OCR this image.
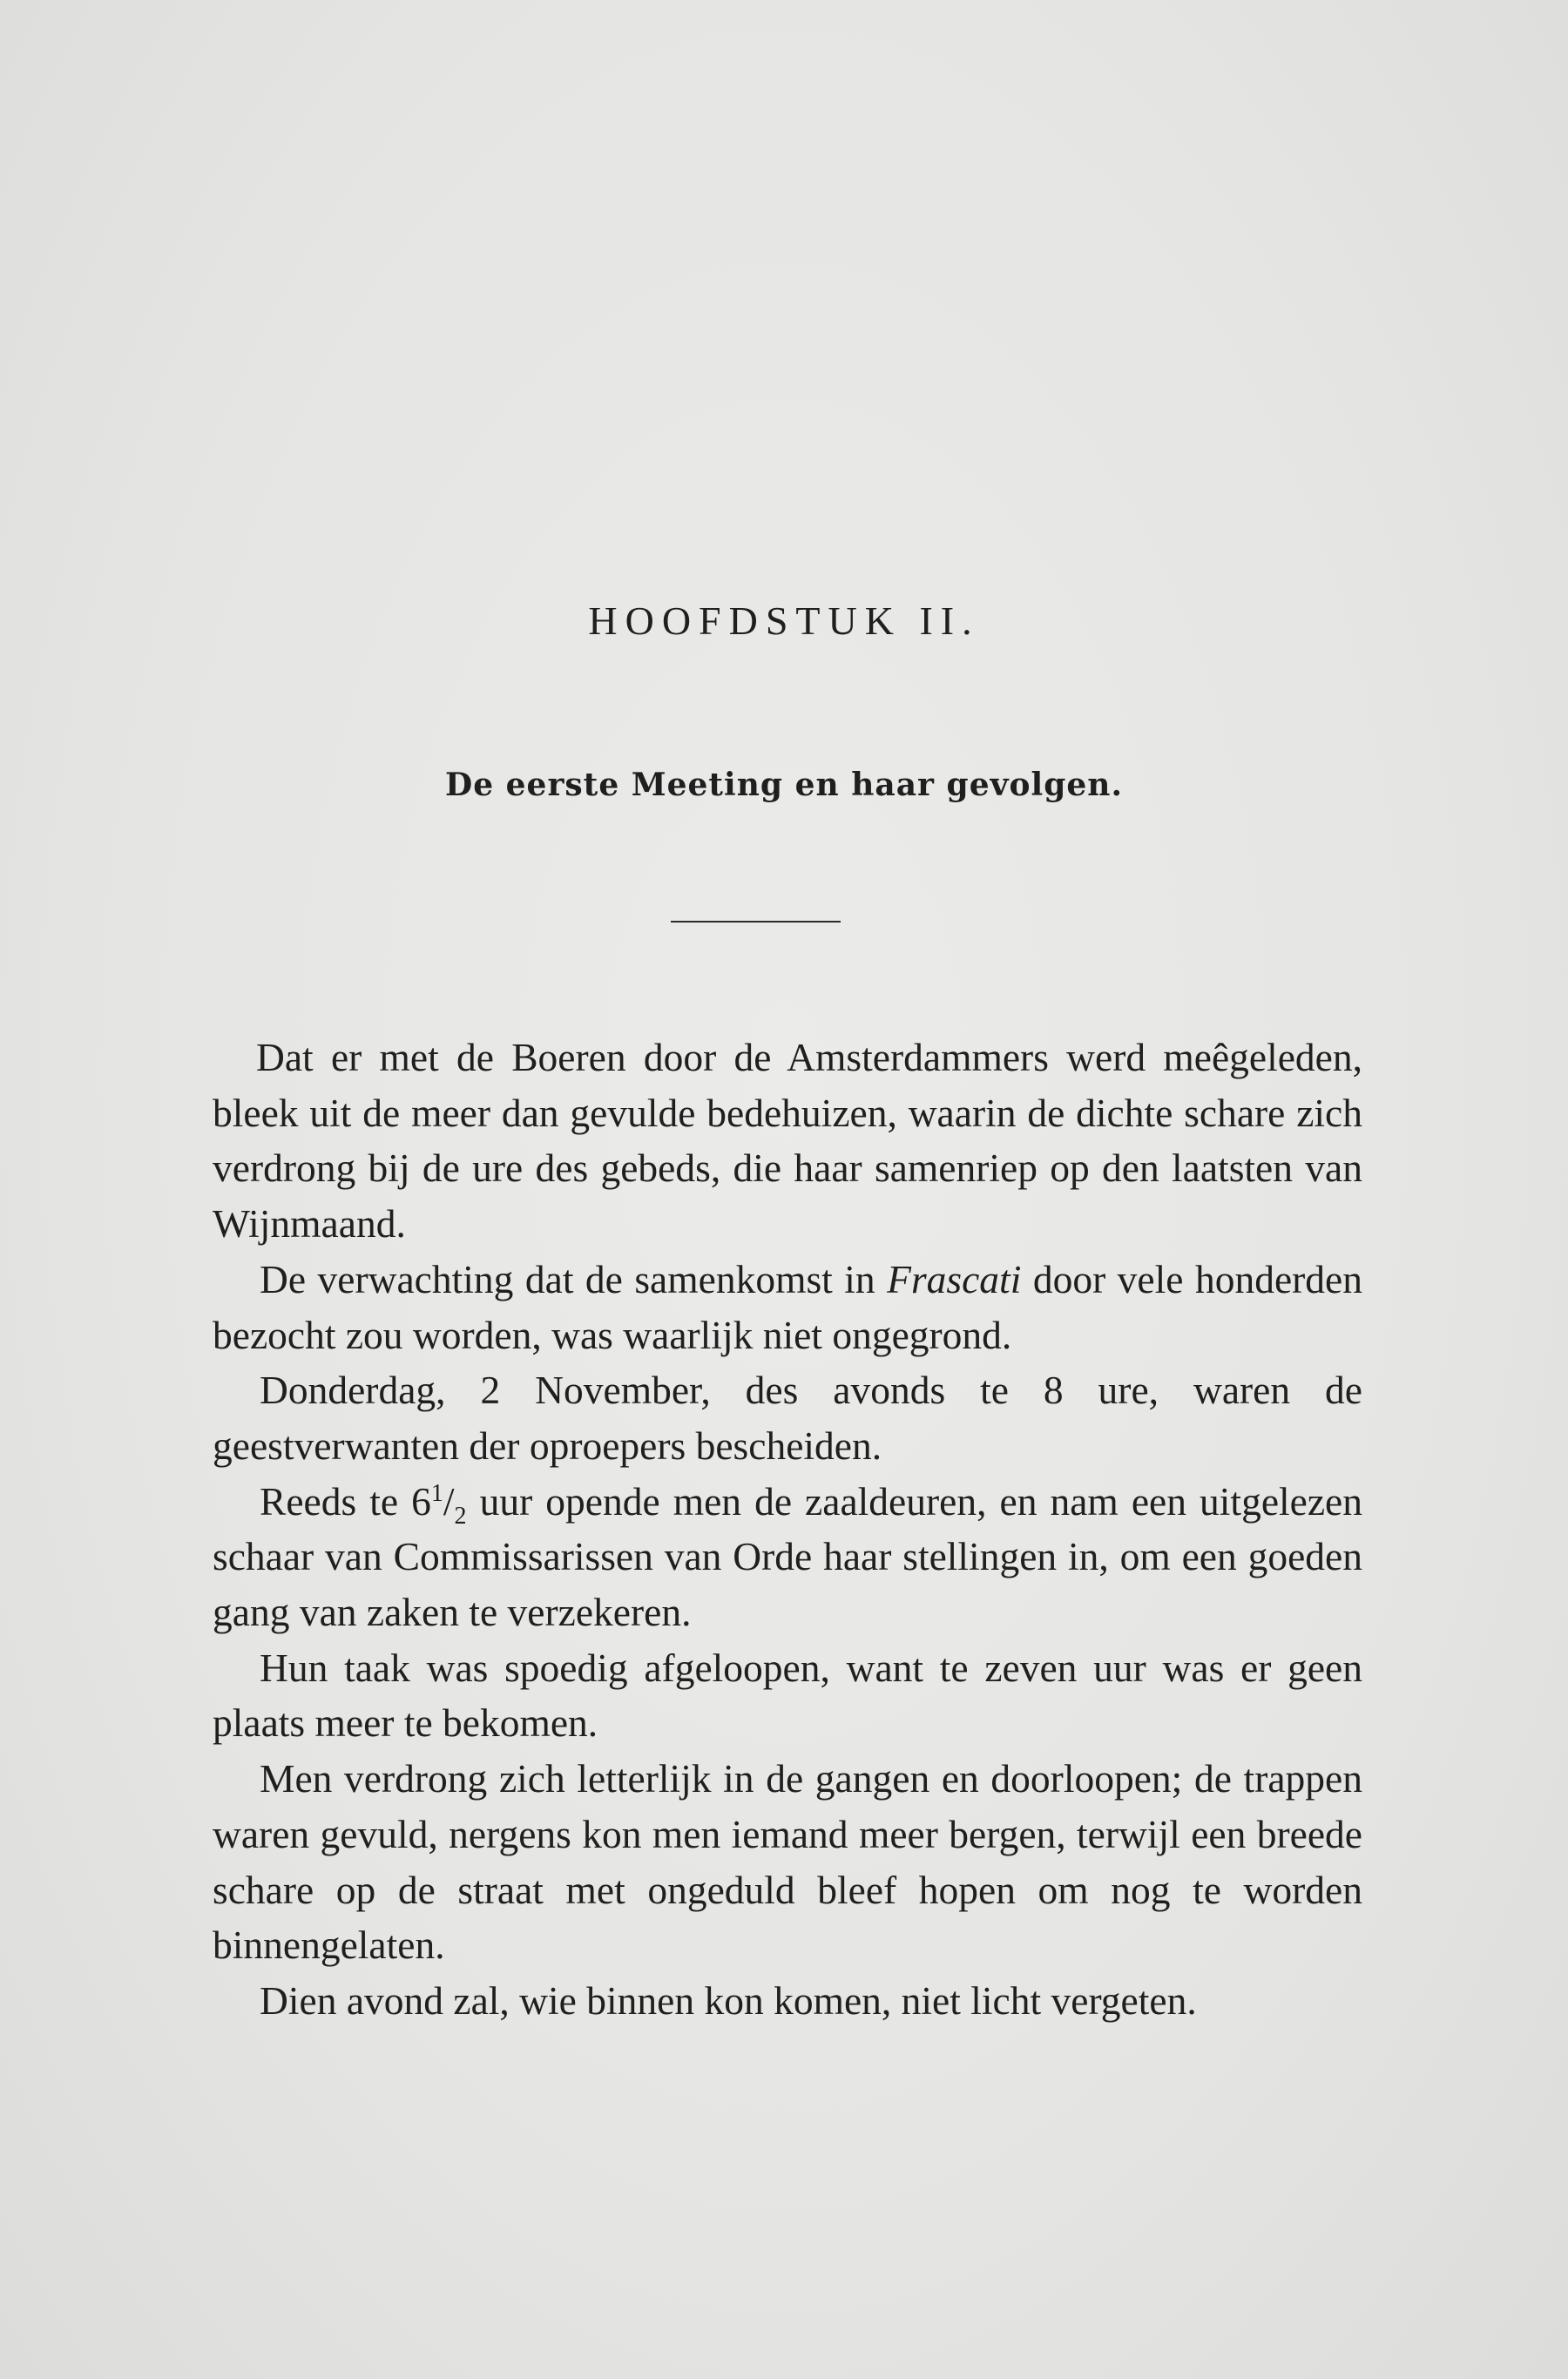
HOOFDSTUK II.
De eerste Meeting en haar gevolgen.

Dat er met de Boeren door de Amsterdammers werd meêgeleden, bleek uit de meer dan gevulde bedehuizen, waarin de dichte schare zich verdrong bij de ure des gebeds, die haar samenriep op den laatsten van Wijnmaand.

De verwachting dat de samenkomst in Frascati door vele honderden bezocht zou worden, was waarlijk niet ongegrond.

Donderdag, 2 November, des avonds te 8 ure, waren de geestverwanten der oproepers bescheiden.

Reeds te $6^1/_2$ uur opende men de zaaldeuren, en nam een uitgelezen schaar van Commissarissen van Orde haar stellingen in, om een goeden gang van zaken te verzekeren.

Hun taak was spoedig afgeloopen, want te zeven uur was er geen plaats meer te bekomen.

Men verdrong zich letterlijk in de gangen en doorloopen; de trappen waren gevuld, nergens kon men iemand meer bergen, terwijl een breede schare op de straat met ongeduld bleef hopen om nog te worden binnengelaten.

Dien avond zal, wie binnen kon komen, niet licht vergeten.
